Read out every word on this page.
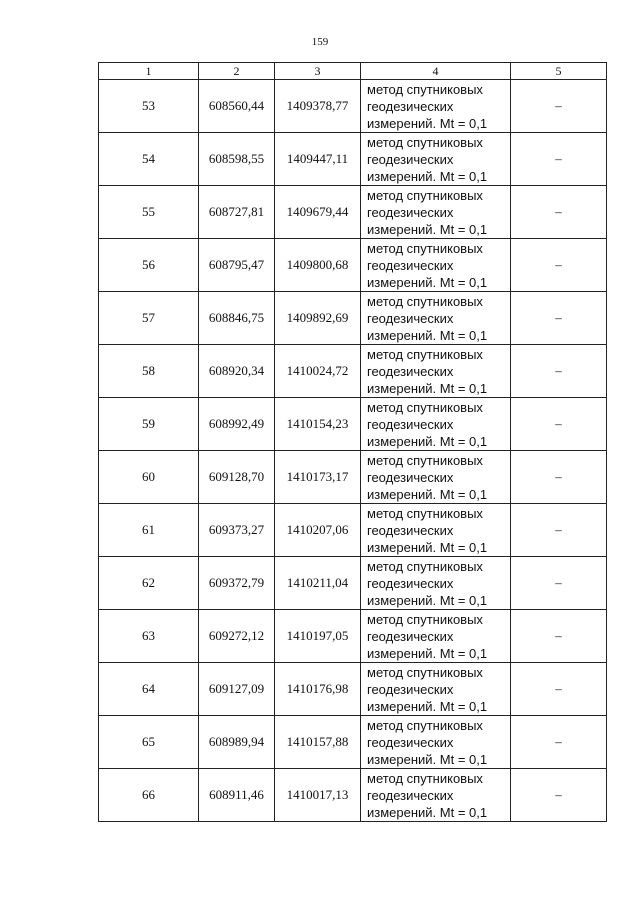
159
1	2	3	4	5
53	608560,44	1409378,77	метод спутниковых
геодезических
измерений. Mt = 0,1	–
54	608598,55	1409447,11	метод спутниковых
геодезических
измерений. Mt = 0,1	–
55	608727,81	1409679,44	метод спутниковых
геодезических
измерений. Mt = 0,1	–
56	608795,47	1409800,68	метод спутниковых
геодезических
измерений. Mt = 0,1	–
57	608846,75	1409892,69	метод спутниковых
геодезических
измерений. Mt = 0,1	–
58	608920,34	1410024,72	метод спутниковых
геодезических
измерений. Mt = 0,1	–
59	608992,49	1410154,23	метод спутниковых
геодезических
измерений. Mt = 0,1	–
60	609128,70	1410173,17	метод спутниковых
геодезических
измерений. Mt = 0,1	–
61	609373,27	1410207,06	метод спутниковых
геодезических
измерений. Mt = 0,1	–
62	609372,79	1410211,04	метод спутниковых
геодезических
измерений. Mt = 0,1	–
63	609272,12	1410197,05	метод спутниковых
геодезических
измерений. Mt = 0,1	–
64	609127,09	1410176,98	метод спутниковых
геодезических
измерений. Mt = 0,1	–
65	608989,94	1410157,88	метод спутниковых
геодезических
измерений. Mt = 0,1	–
66	608911,46	1410017,13	метод спутниковых
геодезических
измерений. Mt = 0,1	–
